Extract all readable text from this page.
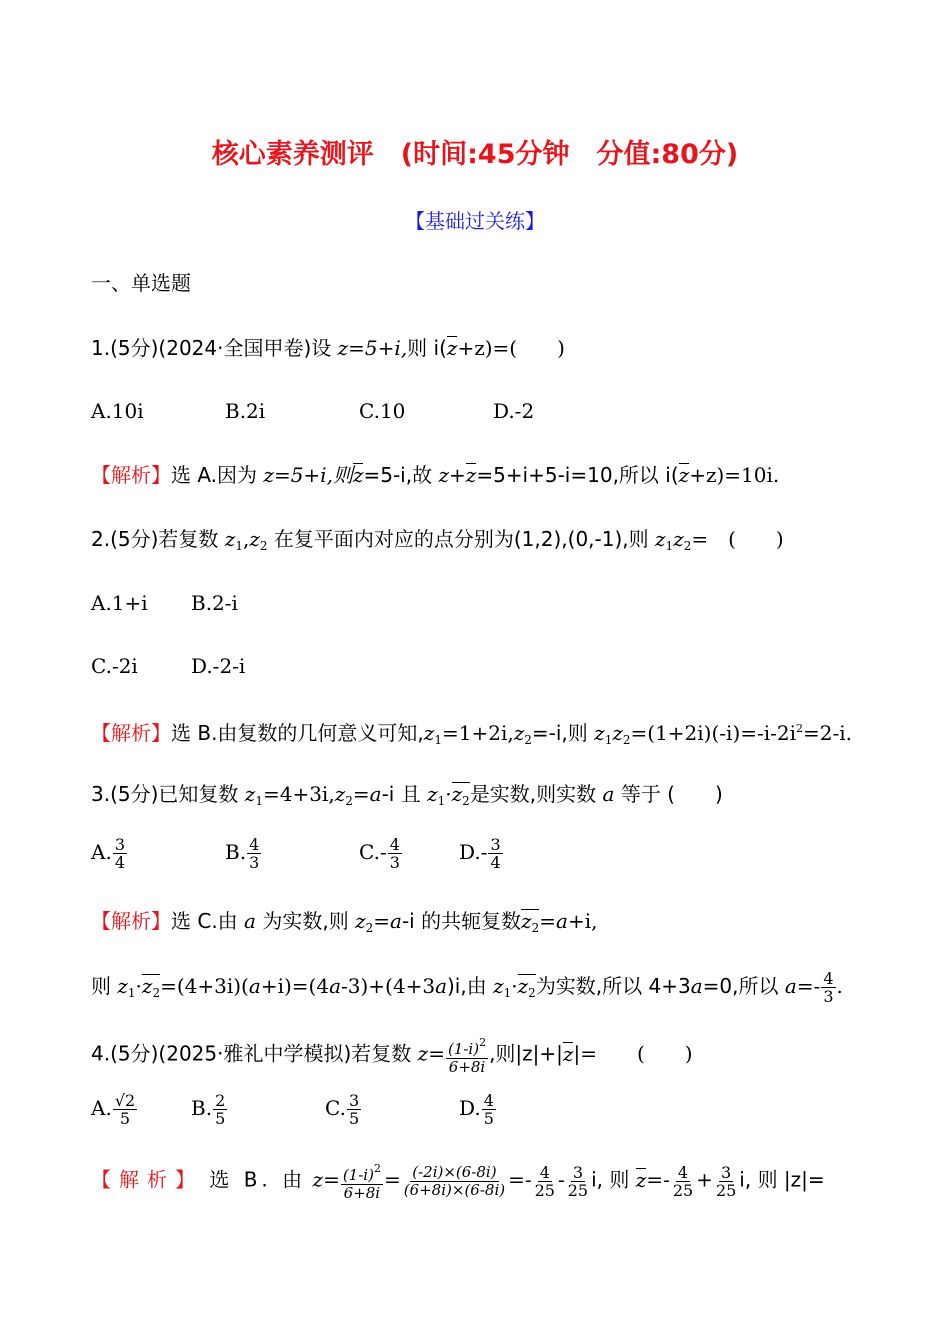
核心素养测评　(时间:45分钟　分值:80分)
【基础过关练】
一、单选题
1.(5分)(2024·全国甲卷)设 z=5+i,则 i(z+z)=(　　)
A.10i	B.2i	C.10	D.-2
【解析】选 A.因为 z=5+i,则z=5-i,故 z+z=5+i+5-i=10,所以 i(z+z)=10i.
2.(5分)若复数 $z_1,z_2$ 在复平面内对应的点分别为(1,2),(0,-1),则 $z_1z_2=$　(　　)
A.1+i B.2-i
C.-2i	D.-2-i
【解析】选 B.由复数的几何意义可知$,z_1=1+2i,z_2=-i$,则 $z_1z_2=(1+2i)(-i)=-i-2i^2=2-i$.
3.(5分)已知复数 $z_1=4+3i,z_2=a-i$ 且 $z_1\cdot z_2$是实数,则实数 a 等于 (　　)
A. $\frac{3}{4}$	B. $\frac{4}{3}$	$C.- \frac{4}{3}$	$D.- \frac{3}{4}$
【解析】选 C.由 a 为实数,则 $z_2=a-i$ 的共轭复数$z_2=a+i$,
则 $z_1\cdot z_2=(4+3i)(a+i)=(4a-3)+(4+3a)i$,由 $z_1\cdot z_2$为实数,所以 4+3a=0,所以 $a=- \frac{4}{3}$ .
4.(5分)(2025·雅礼中学模拟)若复数 $z= \frac{(1-i)^2}{6+8i}$ ,则|z|+|z|=　　(　　)
A. $\frac{√2}{5}$	B. $\frac{2}{5}$	C. $\frac{3}{5}$	D. $\frac{4}{5}$
【解析】 选 B. 由 $z= \frac{(1-i)^2}{6+8i} = \frac{(-2i)\times(6-8i)}{(6+8i)\times(6-8i)} =- \frac{4}{25} - \frac{3}{25} i$, 则 $z=- \frac{4}{25} + \frac{3}{25} i$, 则 |z|=
